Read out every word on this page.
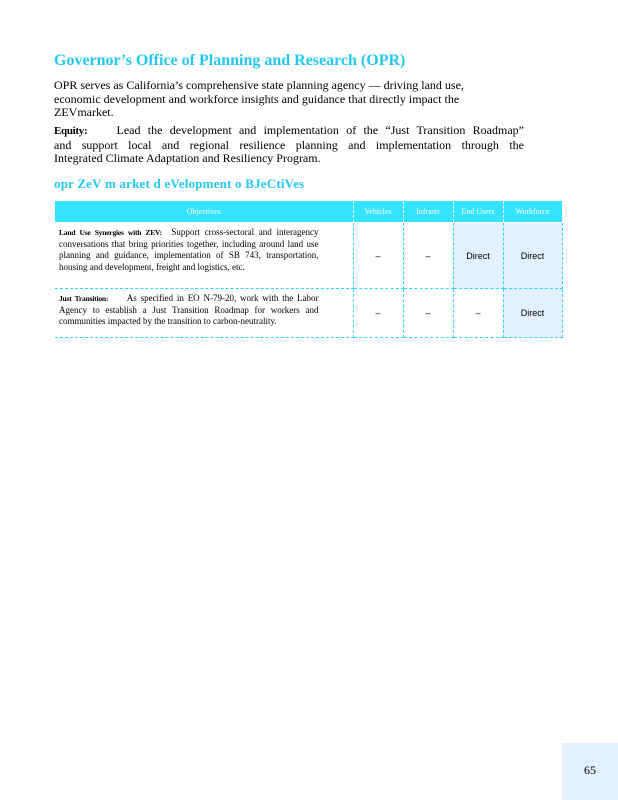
Governor’s Office of Planning and Research (OPR)
OPR serves as California’s comprehensive state planning agency — driving land use, economic development and workforce insights and guidance that directly impact the ZEVmarket.
Equity: Lead the development and implementation of the “Just Transition Roadmap”
and support local and regional resilience planning and implementation through the
Integrated Climate Adaptation and Resiliency Program.
opr ZeV m arket d eVelopment o BJeCtiVes
Objectives	Vehicles	Infrastr	End Users	Workforce
Land Use Synergies with ZEV: Support cross-sectoral and interagency conversations that bring priorities together, including around land use planning and guidance, implementation of SB 743, transportation, housing and development, freight and logistics, etc.	–	–	Direct	Direct
Just Transition: As specified in EO N-79-20, work with the Labor Agency to establish a Just Transition Roadmap for workers and communities impacted by the transition to carbon-neutrality.	–	–	–	Direct
65
